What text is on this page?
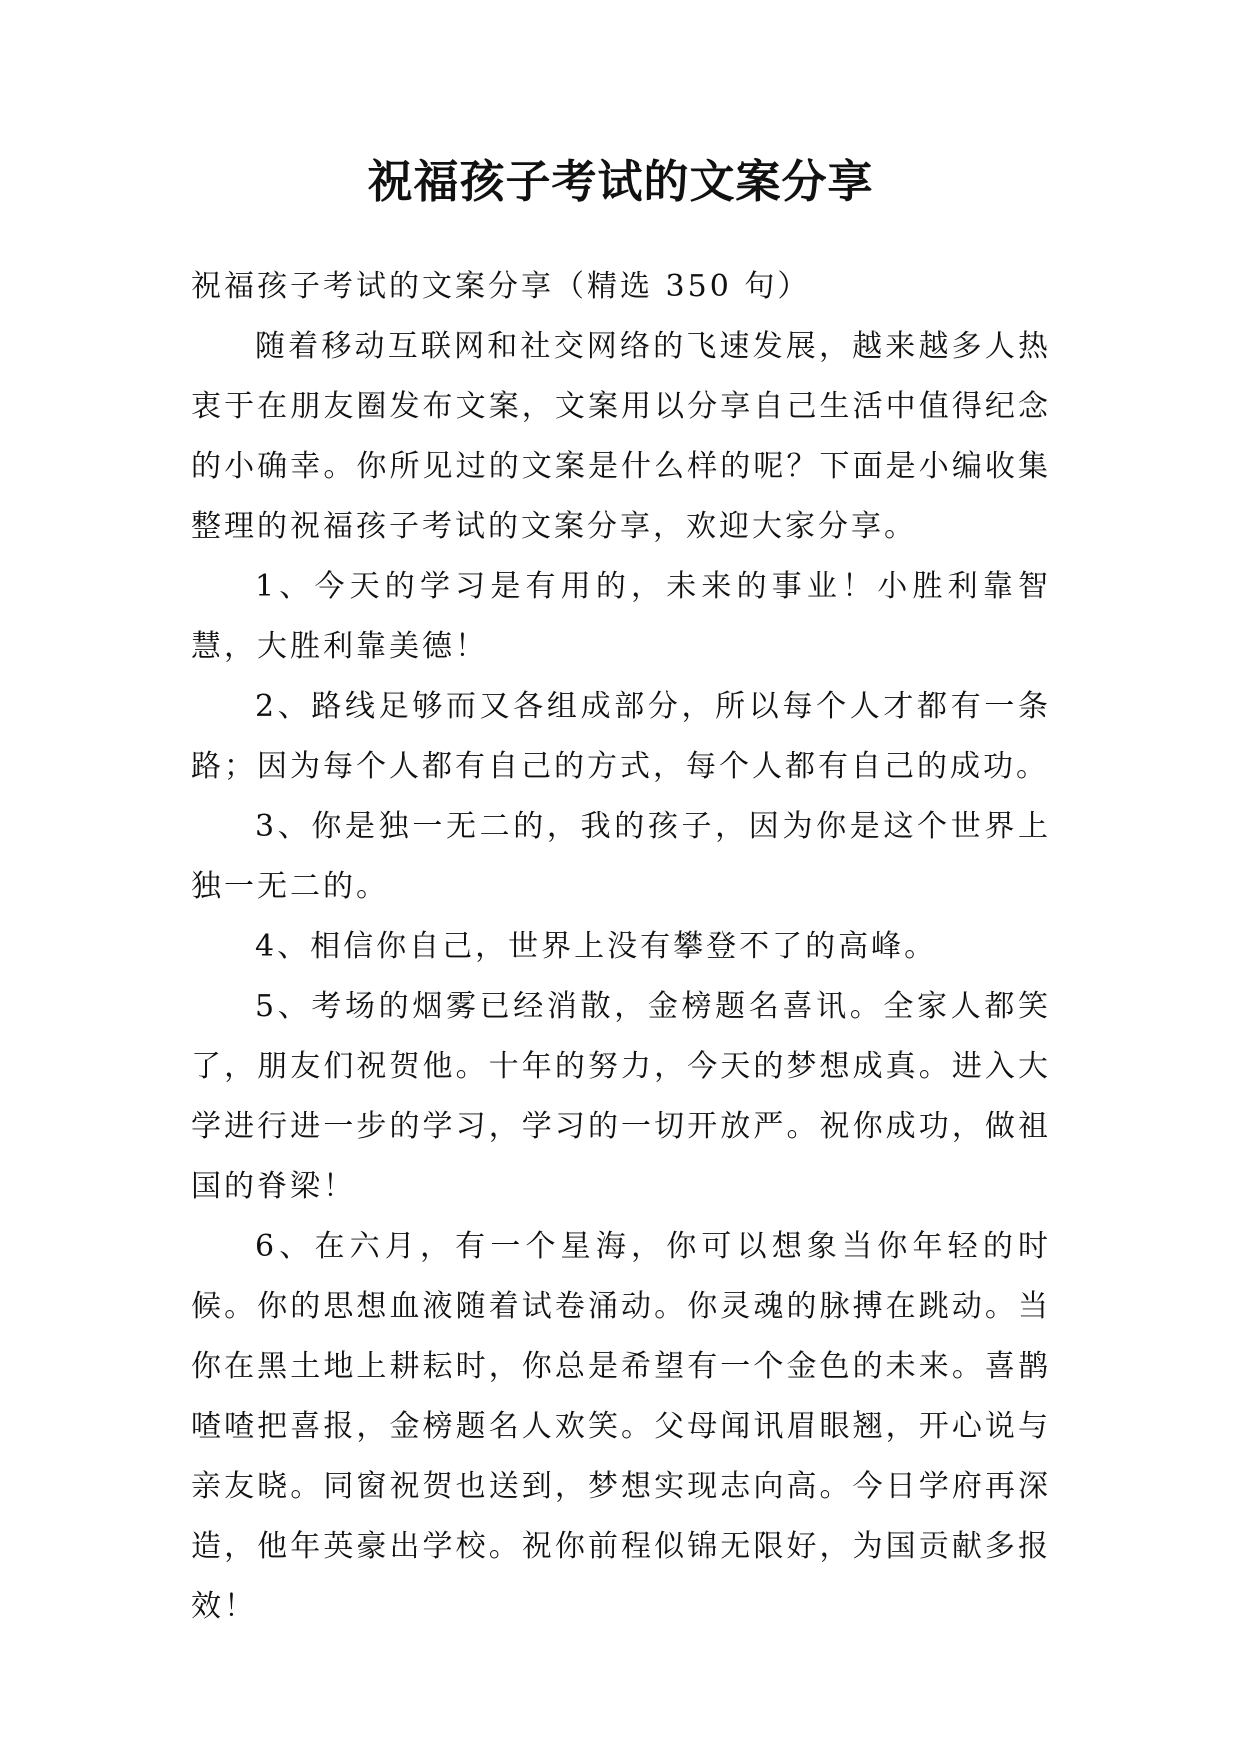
祝福孩子考试的文案分享

祝福孩子考试的文案分享（精选 350 句）

随着移动互联网和社交网络的飞速发展，越来越多人热衷于在朋友圈发布文案，文案用以分享自己生活中值得纪念的小确幸。你所见过的文案是什么样的呢？下面是小编收集整理的祝福孩子考试的文案分享，欢迎大家分享。

1、今天的学习是有用的，未来的事业！小胜利靠智慧，大胜利靠美德！

2、路线足够而又各组成部分，所以每个人才都有一条路；因为每个人都有自己的方式，每个人都有自己的成功。

3、你是独一无二的，我的孩子，因为你是这个世界上独一无二的。

4、相信你自己，世界上没有攀登不了的高峰。

5、考场的烟雾已经消散，金榜题名喜讯。全家人都笑了，朋友们祝贺他。十年的努力，今天的梦想成真。进入大学进行进一步的学习，学习的一切开放严。祝你成功，做祖国的脊梁！

6、在六月，有一个星海，你可以想象当你年轻的时候。你的思想血液随着试卷涌动。你灵魂的脉搏在跳动。当你在黑土地上耕耘时，你总是希望有一个金色的未来。喜鹊喳喳把喜报，金榜题名人欢笑。父母闻讯眉眼翘，开心说与亲友晓。同窗祝贺也送到，梦想实现志向高。今日学府再深造，他年英豪出学校。祝你前程似锦无限好，为国贡献多报效！
